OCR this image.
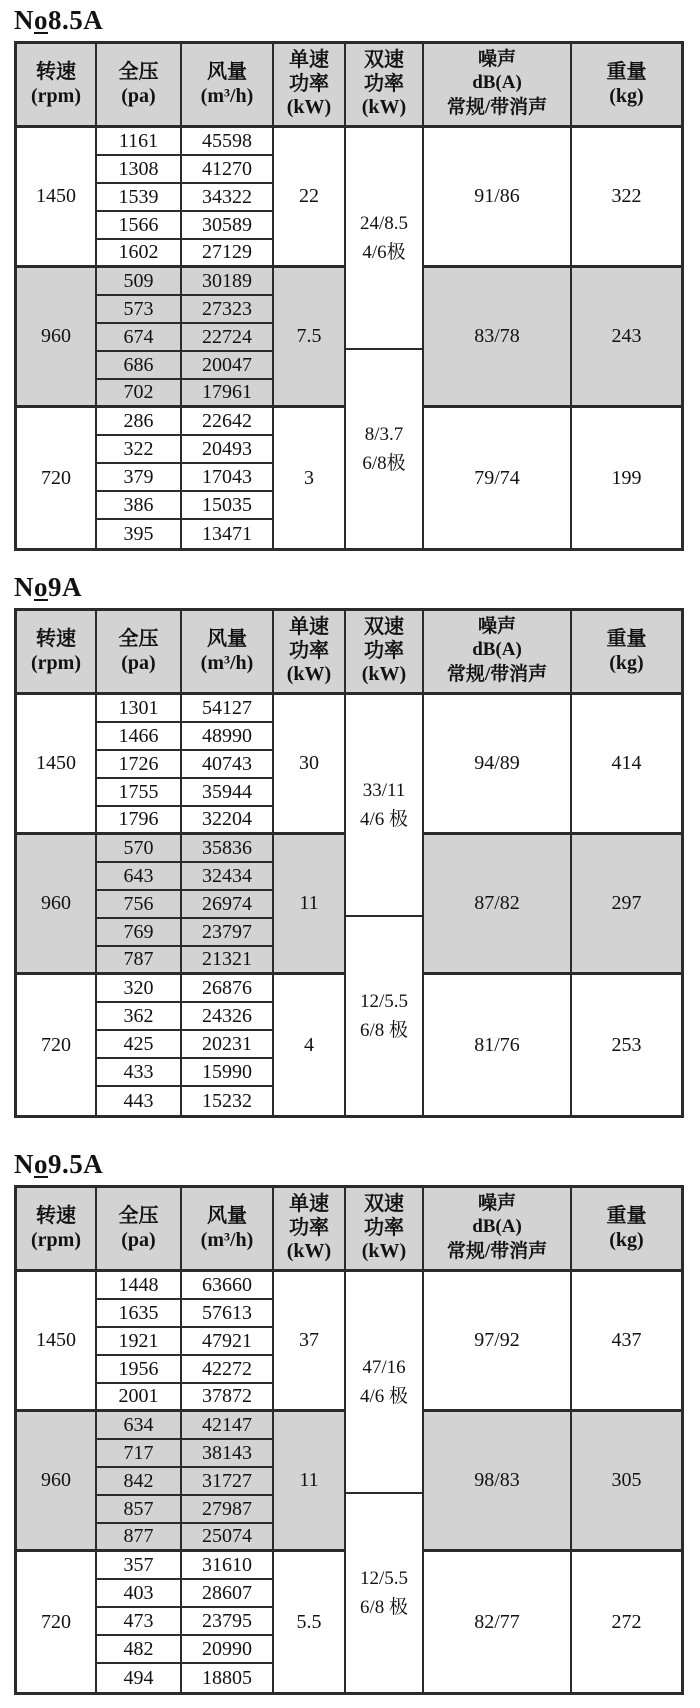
No8.5A
转速
(rpm)
全压
(pa)
风量
(m³/h)
单速
功率
(kW)
双速
功率
(kW)
噪声
dB(A)
常规/带消声
重量
(kg)
1450
960
720
1161
1308
1539
1566
1602
509
573
674
686
702
286
322
379
386
395
45598
41270
34322
30589
27129
30189
27323
22724
20047
17961
22642
20493
17043
15035
13471
22
7.5
3
24/8.5
4/6极
8/3.7
6/8极
91/86
83/78
79/74
322
243
199
No9A
转速
(rpm)
全压
(pa)
风量
(m³/h)
单速
功率
(kW)
双速
功率
(kW)
噪声
dB(A)
常规/带消声
重量
(kg)
1450
960
720
1301
1466
1726
1755
1796
570
643
756
769
787
320
362
425
433
443
54127
48990
40743
35944
32204
35836
32434
26974
23797
21321
26876
24326
20231
15990
15232
30
11
4
33/11
4/6 极
12/5.5
6/8 极
94/89
87/82
81/76
414
297
253
No9.5A
转速
(rpm)
全压
(pa)
风量
(m³/h)
单速
功率
(kW)
双速
功率
(kW)
噪声
dB(A)
常规/带消声
重量
(kg)
1450
960
720
1448
1635
1921
1956
2001
634
717
842
857
877
357
403
473
482
494
63660
57613
47921
42272
37872
42147
38143
31727
27987
25074
31610
28607
23795
20990
18805
37
11
5.5
47/16
4/6 极
12/5.5
6/8 极
97/92
98/83
82/77
437
305
272
